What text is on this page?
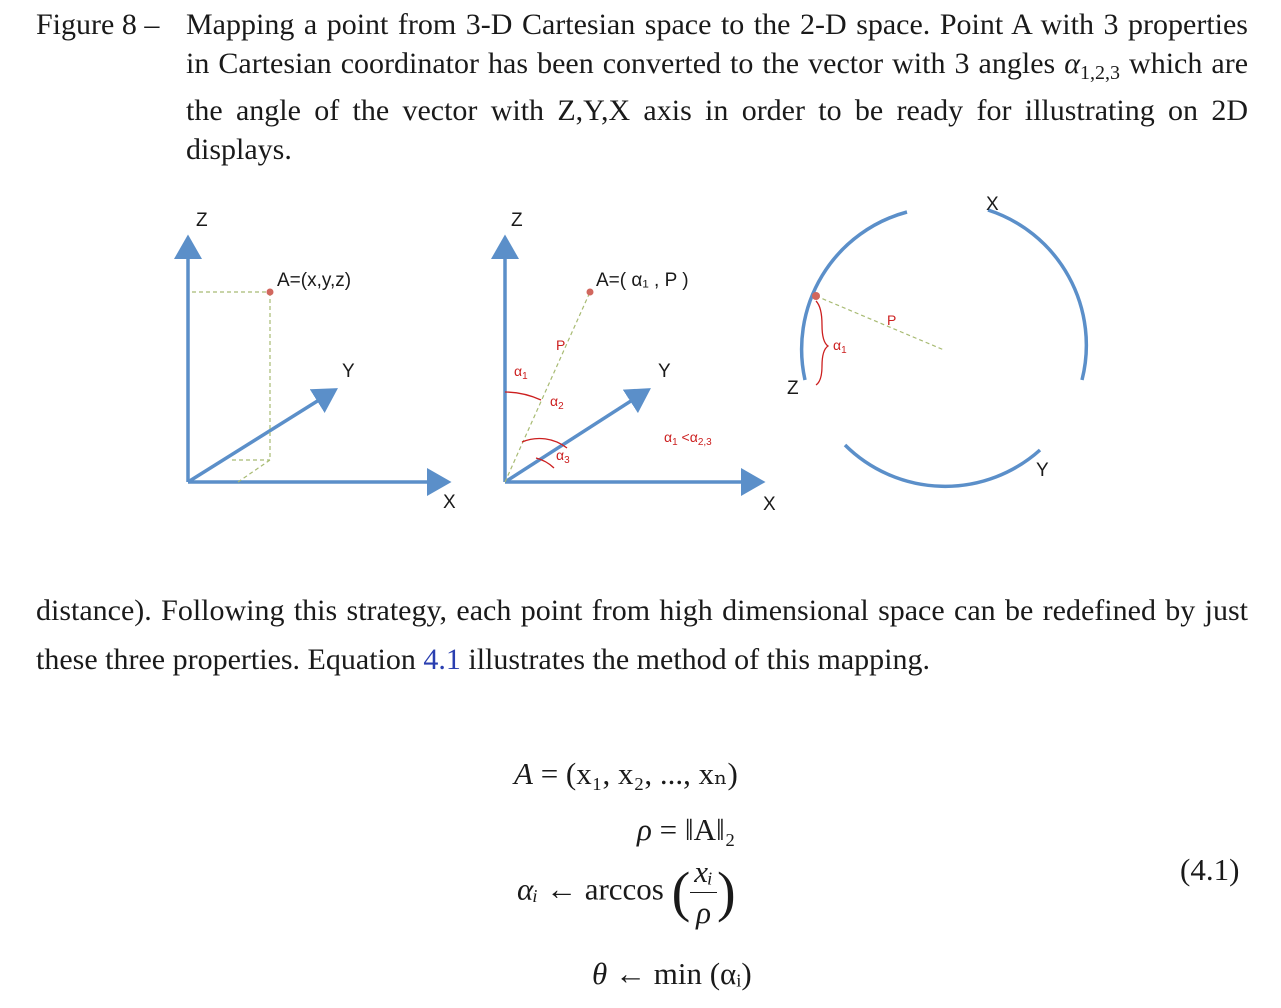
Figure 8 – Mapping a point from 3-D Cartesian space to the 2-D space. Point A with 3 properties in Cartesian coordinator has been converted to the vector with 3 angles $\alpha_{1,2,3}$ which are the angle of the vector with Z,Y,X axis in order to be ready for illustrating on 2D displays.
Z
A=(x,y,z)
Y
X
Z
A=( α₁ , P )
P
$\alpha_1$
$\alpha_2$
$\alpha_3$
Y
$\alpha_1 <\alpha_{2,3}$
X
X
P
$\alpha_1$
Z
Y
distance). Following this strategy, each point from high dimensional space can be redefined by just these three properties. Equation 4.1 illustrates the method of this mapping.
A = (x₁, x₂, ..., xₙ)
ρ = ‖A‖₂
αᵢ ← arccos ( $\frac{\text{xᵢ}}{\rho}$ )
θ ← min (αᵢ)
(4.1)
